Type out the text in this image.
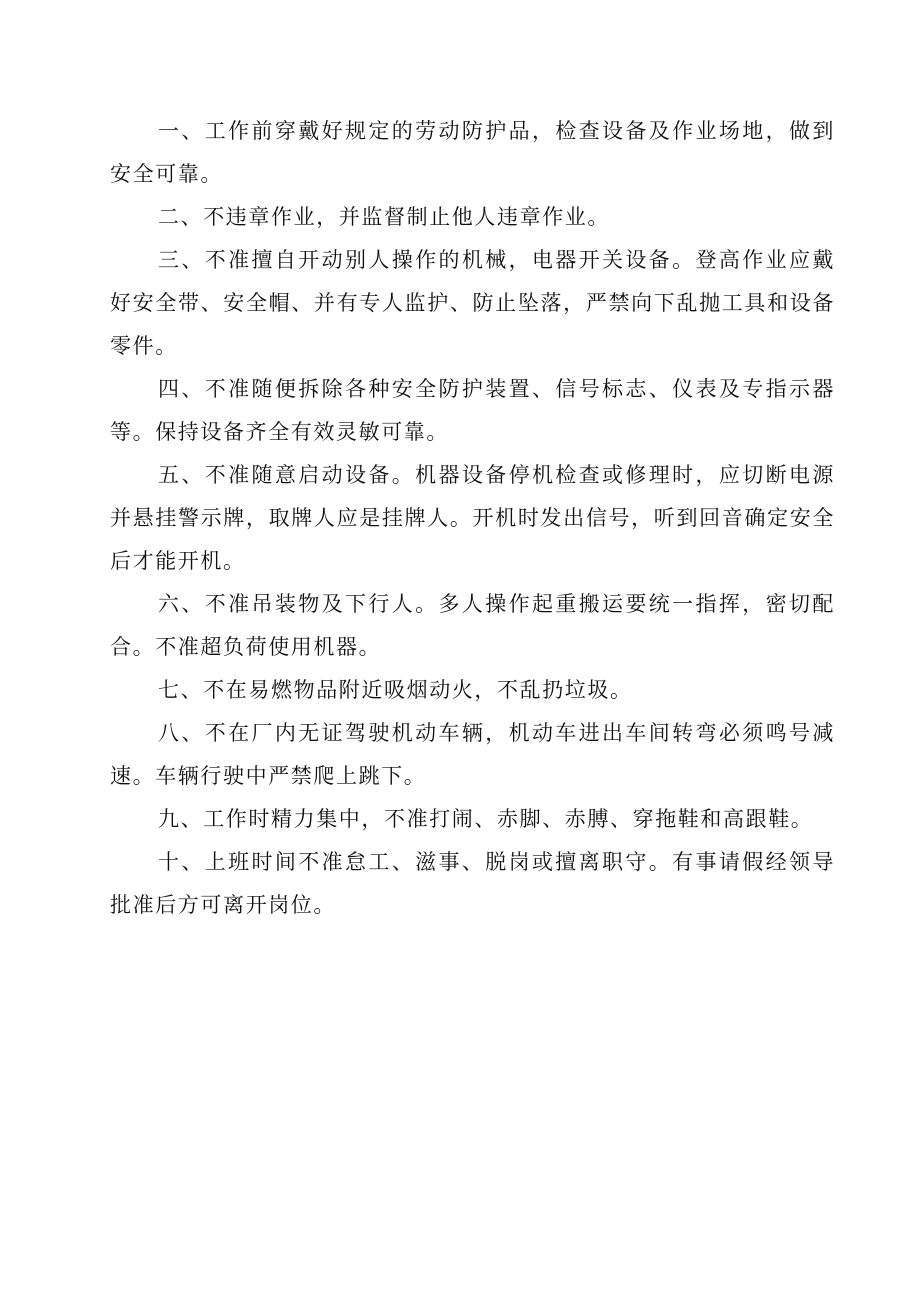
一、工作前穿戴好规定的劳动防护品，检查设备及作业场地，做到安全可靠。

二、不违章作业，并监督制止他人违章作业。

三、不准擅自开动别人操作的机械，电器开关设备。登高作业应戴好安全带、安全帽、并有专人监护、防止坠落，严禁向下乱抛工具和设备零件。

四、不准随便拆除各种安全防护装置、信号标志、仪表及专指示器等。保持设备齐全有效灵敏可靠。

五、不准随意启动设备。机器设备停机检查或修理时，应切断电源并悬挂警示牌，取牌人应是挂牌人。开机时发出信号，听到回音确定安全后才能开机。

六、不准吊装物及下行人。多人操作起重搬运要统一指挥，密切配合。不准超负荷使用机器。

七、不在易燃物品附近吸烟动火，不乱扔垃圾。

八、不在厂内无证驾驶机动车辆，机动车进出车间转弯必须鸣号减速。车辆行驶中严禁爬上跳下。

九、工作时精力集中，不准打闹、赤脚、赤膊、穿拖鞋和高跟鞋。

十、上班时间不准怠工、滋事、脱岗或擅离职守。有事请假经领导批准后方可离开岗位。
